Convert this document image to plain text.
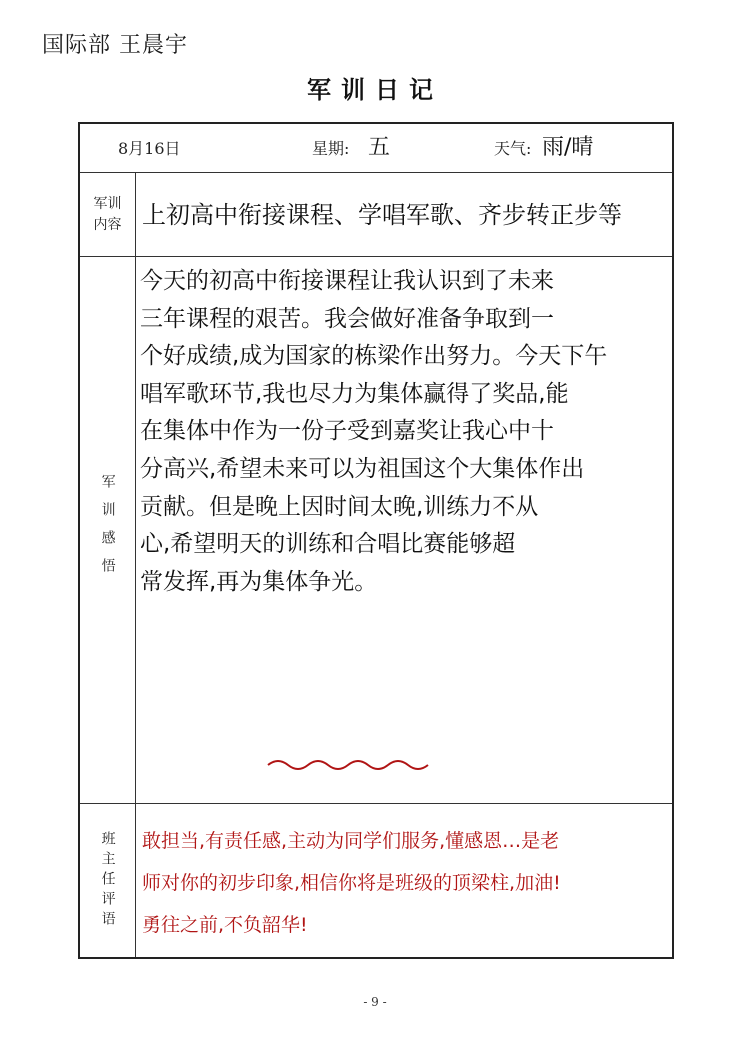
国际部 王晨宇
军训日记
8月16日	星期: 五	天气: 雨/晴
军训
内容 上初高中衔接课程、学唱军歌、齐步转正步等
军训感悟
今天的初高中衔接课程让我认识到了未来
三年课程的艰苦。我会做好准备争取到一
个好成绩,成为国家的栋梁作出努力。今天下午
唱军歌环节,我也尽力为集体赢得了奖品,能
在集体中作为一份子受到嘉奖让我心中十
分高兴,希望未来可以为祖国这个大集体作出
贡献。但是晚上因时间太晚,训练力不从
心,希望明天的训练和合唱比赛能够超
常发挥,再为集体争光。
班主任评语 敢担当,有责任感,主动为同学们服务,懂感恩…是老
师对你的初步印象,相信你将是班级的顶梁柱,加油!
勇往之前,不负韶华!
- 9 -
